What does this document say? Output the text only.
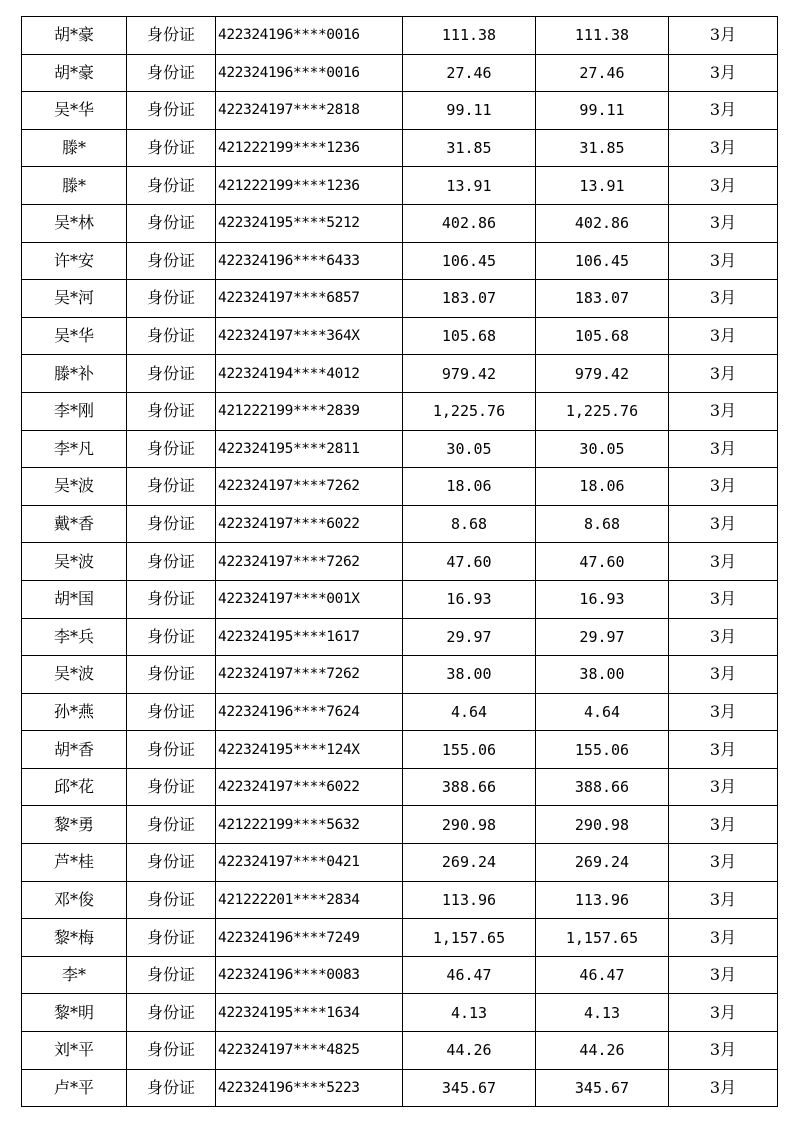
胡*豪	身份证	422324196****0016	111.38	111.38	3月
胡*豪	身份证	422324196****0016	27.46	27.46	3月
吴*华	身份证	422324197****2818	99.11	99.11	3月
滕*	身份证	421222199****1236	31.85	31.85	3月
滕*	身份证	421222199****1236	13.91	13.91	3月
吴*林	身份证	422324195****5212	402.86	402.86	3月
许*安	身份证	422324196****6433	106.45	106.45	3月
吴*河	身份证	422324197****6857	183.07	183.07	3月
吴*华	身份证	422324197****364X	105.68	105.68	3月
滕*补	身份证	422324194****4012	979.42	979.42	3月
李*刚	身份证	421222199****2839	1,225.76	1,225.76	3月
李*凡	身份证	422324195****2811	30.05	30.05	3月
吴*波	身份证	422324197****7262	18.06	18.06	3月
戴*香	身份证	422324197****6022	8.68	8.68	3月
吴*波	身份证	422324197****7262	47.60	47.60	3月
胡*国	身份证	422324197****001X	16.93	16.93	3月
李*兵	身份证	422324195****1617	29.97	29.97	3月
吴*波	身份证	422324197****7262	38.00	38.00	3月
孙*燕	身份证	422324196****7624	4.64	4.64	3月
胡*香	身份证	422324195****124X	155.06	155.06	3月
邱*花	身份证	422324197****6022	388.66	388.66	3月
黎*勇	身份证	421222199****5632	290.98	290.98	3月
芦*桂	身份证	422324197****0421	269.24	269.24	3月
邓*俊	身份证	421222201****2834	113.96	113.96	3月
黎*梅	身份证	422324196****7249	1,157.65	1,157.65	3月
李*	身份证	422324196****0083	46.47	46.47	3月
黎*明	身份证	422324195****1634	4.13	4.13	3月
刘*平	身份证	422324197****4825	44.26	44.26	3月
卢*平	身份证	422324196****5223	345.67	345.67	3月
